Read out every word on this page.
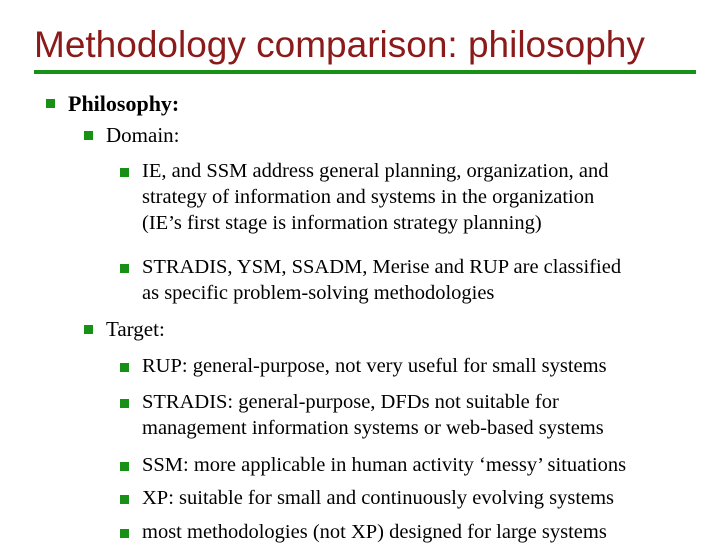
Methodology comparison: philosophy
Philosophy:
Domain:
IE, and SSM address general planning, organization, and
strategy of information and systems in the organization
(IE’s first stage is information strategy planning)
STRADIS, YSM, SSADM, Merise and RUP are classified
as specific problem-solving methodologies
Target:
RUP: general-purpose, not very useful for small systems
STRADIS: general-purpose, DFDs not suitable for
management information systems or web-based systems
SSM: more applicable in human activity ‘messy’ situations
XP: suitable for small and continuously evolving systems
most methodologies (not XP) designed for large systems
